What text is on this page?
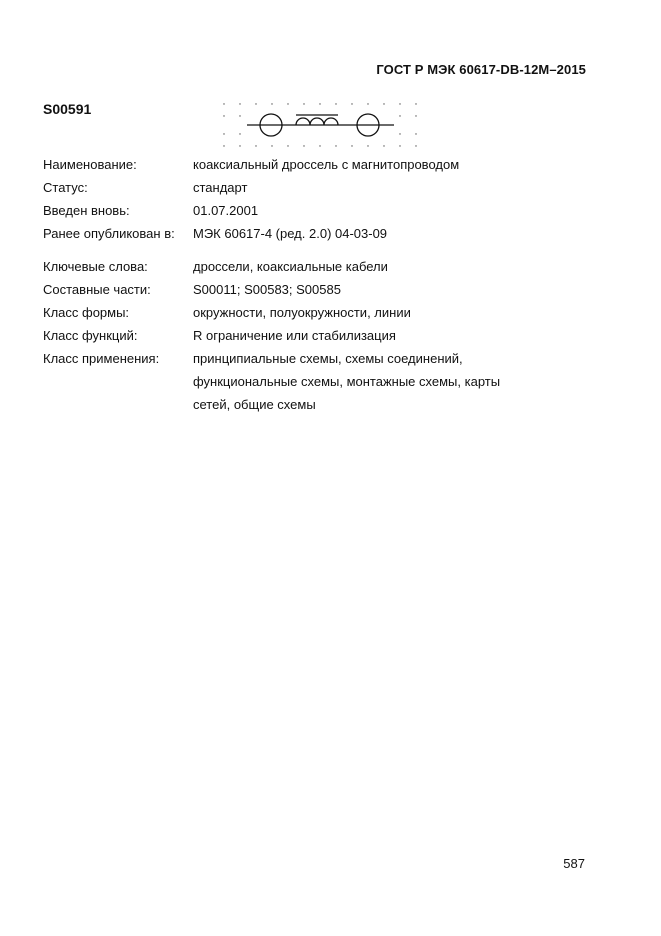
ГОСТ Р МЭК 60617-DB-12M–2015
S00591
Наименование:	коаксиальный дроссель с магнитопроводом
Статус:	стандарт
Введен вновь:	01.07.2001
Ранее опубликован в:	МЭК 60617-4 (ред. 2.0) 04-03-09
Ключевые слова:	дроссели, коаксиальные кабели
Составные части:	S00011; S00583; S00585
Класс формы:	окружности, полуокружности, линии
Класс функций:	R ограничение или стабилизация
Класс применения:	принципиальные схемы, схемы соединений,
функциональные схемы, монтажные схемы, карты
сетей, общие схемы
587
